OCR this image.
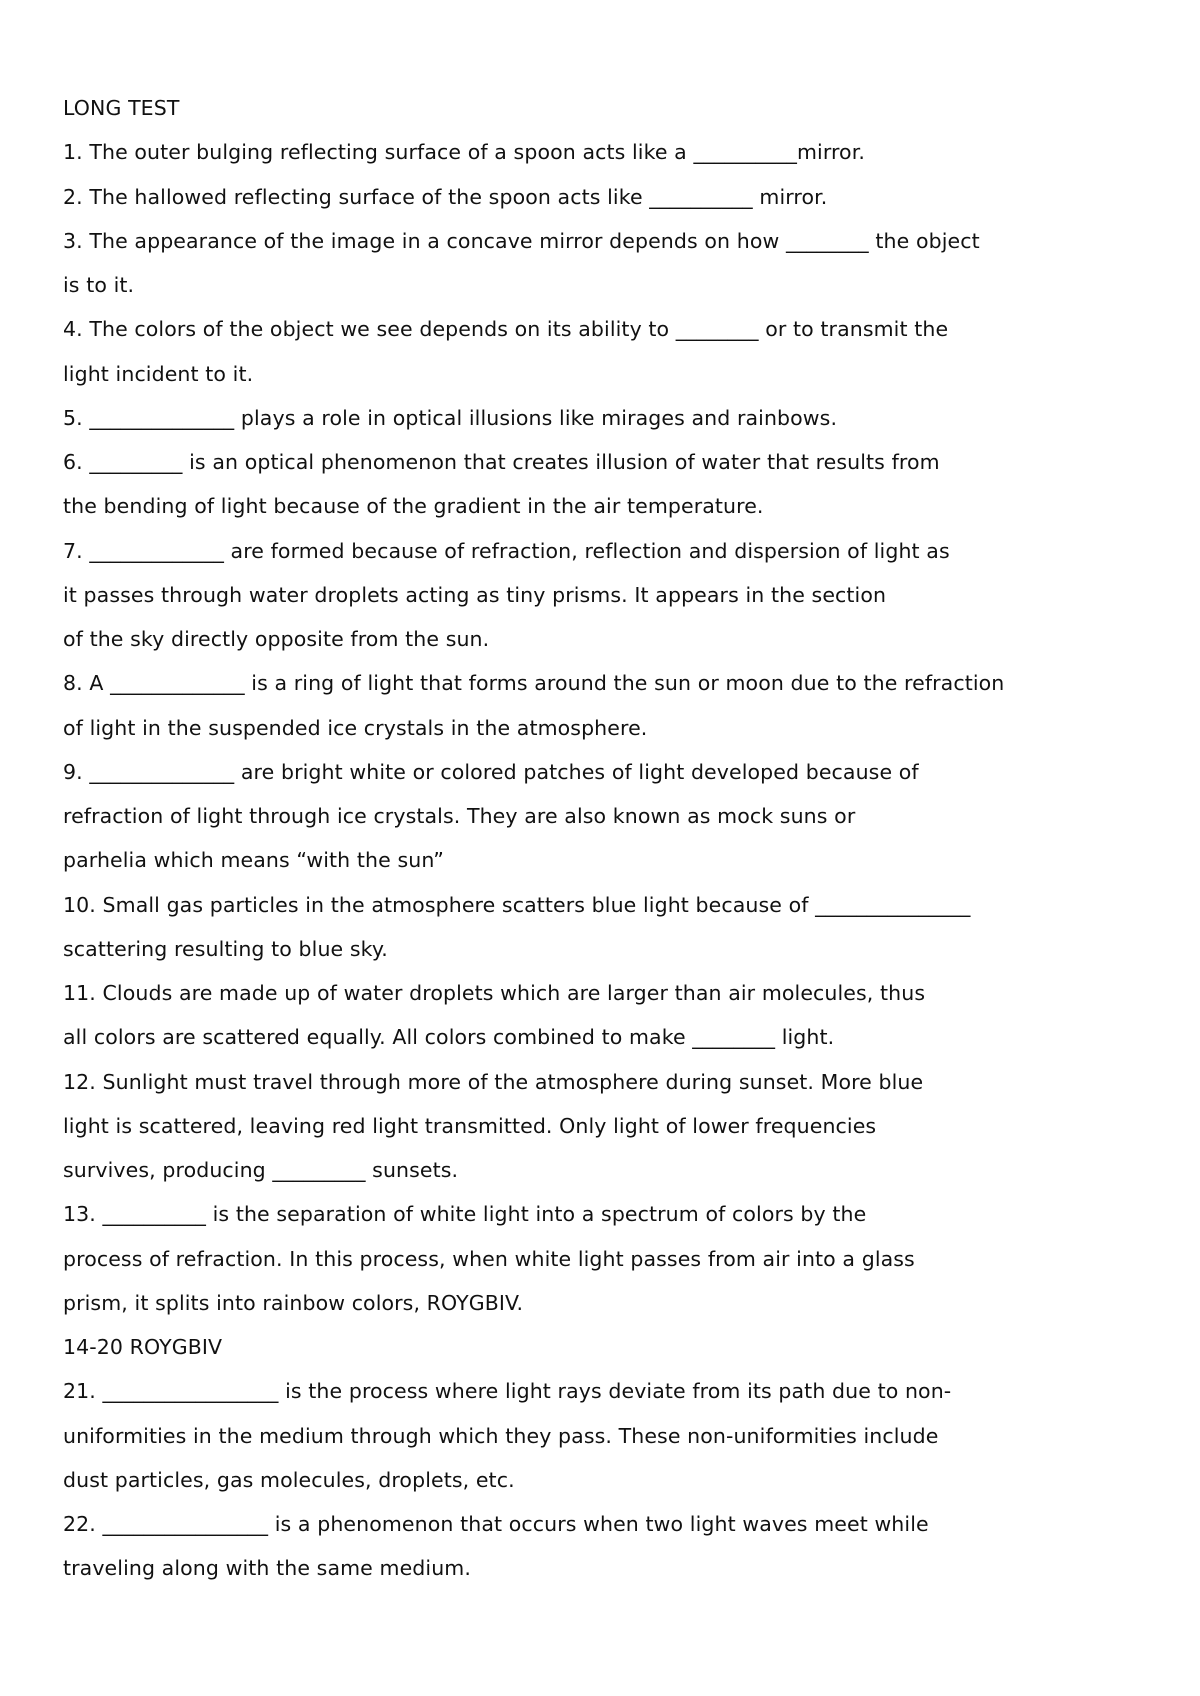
LONG TEST
1. The outer bulging reflecting surface of a spoon acts like a __________mirror.
2. The hallowed reflecting surface of the spoon acts like __________ mirror.
3. The appearance of the image in a concave mirror depends on how ________ the object
is to it.
4. The colors of the object we see depends on its ability to ________ or to transmit the
light incident to it.
5. ______________ plays a role in optical illusions like mirages and rainbows.
6. _________ is an optical phenomenon that creates illusion of water that results from
the bending of light because of the gradient in the air temperature.
7. _____________ are formed because of refraction, reflection and dispersion of light as
it passes through water droplets acting as tiny prisms. It appears in the section
of the sky directly opposite from the sun.
8. A _____________ is a ring of light that forms around the sun or moon due to the refraction
of light in the suspended ice crystals in the atmosphere.
9. ______________ are bright white or colored patches of light developed because of
refraction of light through ice crystals. They are also known as mock suns or
parhelia which means “with the sun”
10. Small gas particles in the atmosphere scatters blue light because of _______________
scattering resulting to blue sky.
11. Clouds are made up of water droplets which are larger than air molecules, thus
all colors are scattered equally. All colors combined to make ________ light.
12. Sunlight must travel through more of the atmosphere during sunset. More blue
light is scattered, leaving red light transmitted. Only light of lower frequencies
survives, producing _________ sunsets.
13. __________ is the separation of white light into a spectrum of colors by the
process of refraction. In this process, when white light passes from air into a glass
prism, it splits into rainbow colors, ROYGBIV.
14-20 ROYGBIV
21. _________________ is the process where light rays deviate from its path due to non-
uniformities in the medium through which they pass. These non-uniformities include
dust particles, gas molecules, droplets, etc.
22. ________________ is a phenomenon that occurs when two light waves meet while
traveling along with the same medium.
